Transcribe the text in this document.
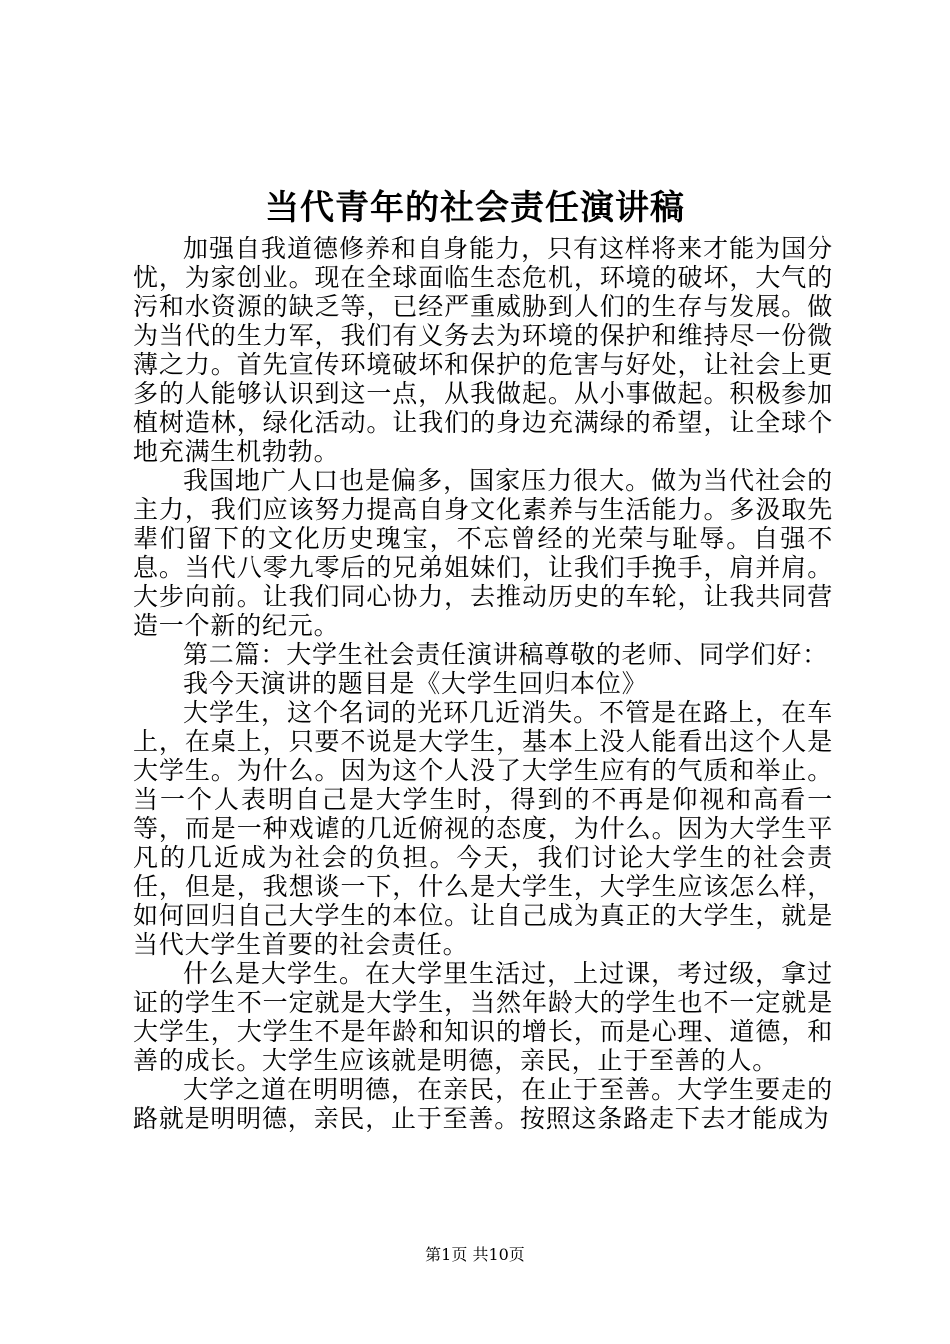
当代青年的社会责任演讲稿

加强自我道德修养和自身能力，只有这样将来才能为国分忧，为家创业。现在全球面临生态危机，环境的破坏，大气的污和水资源的缺乏等，已经严重威胁到人们的生存与发展。做为当代的生力军，我们有义务去为环境的保护和维持尽一份微薄之力。首先宣传环境破坏和保护的危害与好处，让社会上更多的人能够认识到这一点，从我做起。从小事做起。积极参加植树造林，绿化活动。让我们的身边充满绿的希望，让全球个地充满生机勃勃。

我国地广人口也是偏多，国家压力很大。做为当代社会的主力，我们应该努力提高自身文化素养与生活能力。多汲取先辈们留下的文化历史瑰宝，不忘曾经的光荣与耻辱。自强不息。当代八零九零后的兄弟姐妹们，让我们手挽手，肩并肩。大步向前。让我们同心协力，去推动历史的车轮，让我共同营造一个新的纪元。

第二篇：大学生社会责任演讲稿尊敬的老师、同学们好：

我今天演讲的题目是《大学生回归本位》

大学生，这个名词的光环几近消失。不管是在路上，在车上，在桌上，只要不说是大学生，基本上没人能看出这个人是大学生。为什么。因为这个人没了大学生应有的气质和举止。当一个人表明自己是大学生时，得到的不再是仰视和高看一等，而是一种戏谑的几近俯视的态度，为什么。因为大学生平凡的几近成为社会的负担。今天，我们讨论大学生的社会责任，但是，我想谈一下，什么是大学生，大学生应该怎么样，如何回归自己大学生的本位。让自己成为真正的大学生，就是当代大学生首要的社会责任。

什么是大学生。在大学里生活过，上过课，考过级，拿过证的学生不一定就是大学生，当然年龄大的学生也不一定就是大学生，大学生不是年龄和知识的增长，而是心理、道德，和善的成长。大学生应该就是明德，亲民，止于至善的人。

大学之道在明明德，在亲民，在止于至善。大学生要走的路就是明明德，亲民，止于至善。按照这条路走下去才能成为

第1页 共10页
